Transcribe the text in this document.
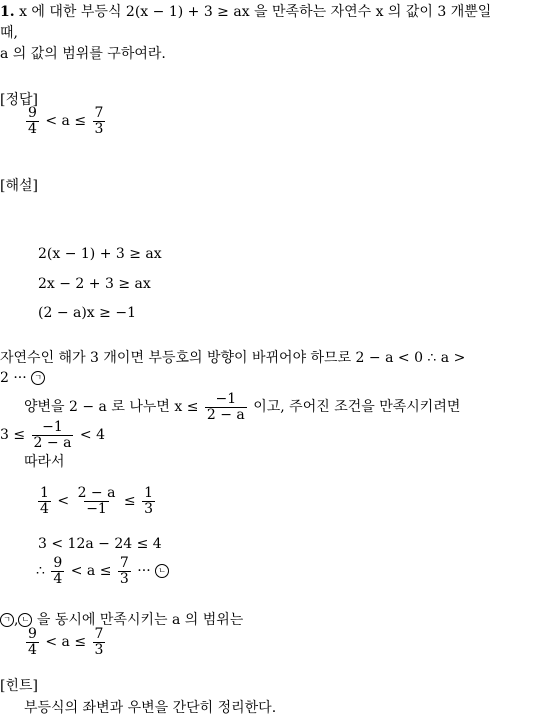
1. x 에 대한 부등식 2(x − 1) + 3 ≥ ax 을 만족하는 자연수 x 의 값이 3 개뿐일
때,
a 의 값의 범위를 구하여라.
[정답]
$\frac{9}{4} < a \le \frac{7}{3}$
[해설]
2(x − 1) + 3 ≥ ax
2x − 2 + 3 ≥ ax
(2 − a)x ≥ −1
자연수인 해가 3 개이면 부등호의 방향이 바뀌어야 하므로 2 − a < 0 ∴ a >
2 ··· ㄱ
양변을 2 − a 로 나누면 $x \le \frac{-1}{2 - a}$ 이고, 주어진 조건을 만족시키려면
$3 \le \frac{-1}{2 - a} < 4$
따라서
$\frac{1}{4} < \frac{2 - a}{-1} \le \frac{1}{3}$
3 < 12a − 24 ≤ 4
∴ $\frac{9}{4} < a \le \frac{7}{3}$ ··· ㄴ
ㄱ , ㄴ 을 동시에 만족시키는 a 의 범위는
$\frac{9}{4} < a \le \frac{7}{3}$
[힌트]
부등식의 좌변과 우변을 간단히 정리한다.
